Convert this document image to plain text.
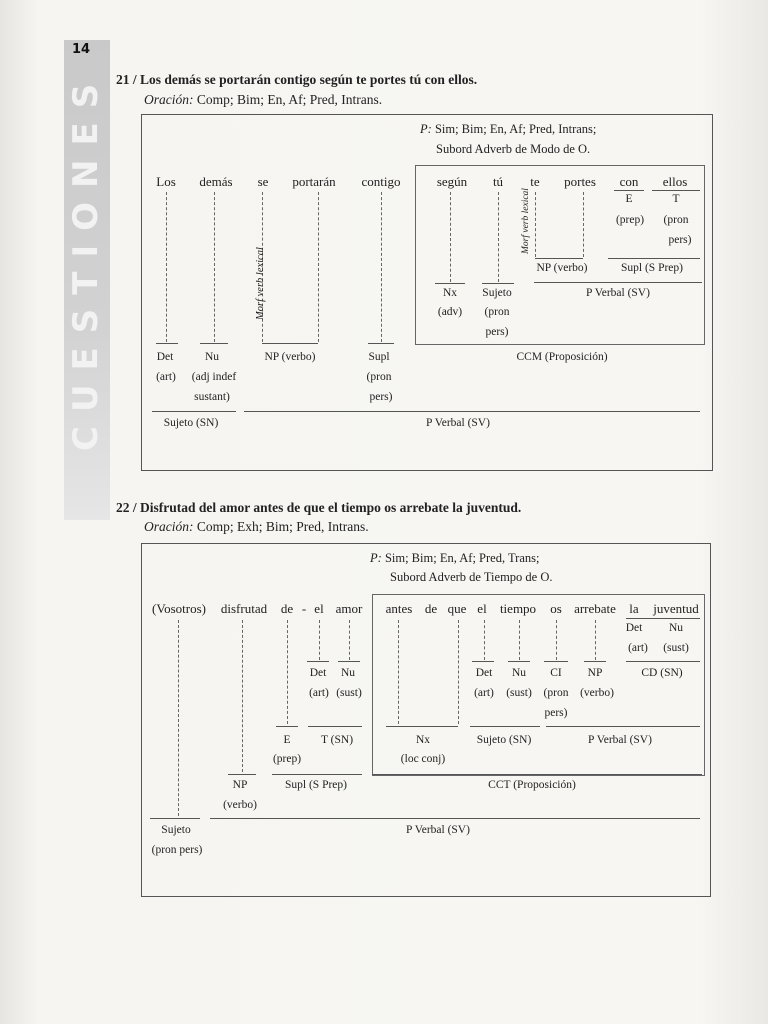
CUESTIONES
14
21 / Los demás se portarán contigo según te portes tú con ellos.
Oración: Comp; Bim; En, Af; Pred, Intrans.
P: Sim; Bim; En, Af; Pred, Intrans;
Subord Adverb de Modo de O.
Los demás se portarán contigo	según tú te portes con ellos
Morf verb lexical
Morf verb lexical	E	T
(prep) (pron
pers)
NP (verbo)	Supl (S Prep)
Nx
(adv)
Sujeto
(pron
pers)
P Verbal (SV)
Det
(art)
Nu
(adj indef
sustant)
NP (verbo)	Supl
(pron
pers)
CCM (Proposición)
Sujeto (SN)	P Verbal (SV)
22 / Disfrutad del amor antes de que el tiempo os arrebate la juventud.
Oración: Comp; Exh; Bim; Pred, Intrans.
P: Sim; Bim; En, Af; Pred, Trans;
Subord Adverb de Tiempo de O.
(Vosotros) disfrutad de - el amor antes de que el tiempo os arrebate la juventud
Det Nu
(art) (sust)
Det Nu
(art) (sust)
Det Nu CI NP	CD (SN)
(art) (sust) (pron (verbo)
pers)
E	T (SN)
(prep)
Nx
(loc conj)
Sujeto (SN)	P Verbal (SV)
NP
(verbo)
Supl (S Prep)	CCT (Proposición)
Sujeto
(pron pers)
P Verbal (SV)
